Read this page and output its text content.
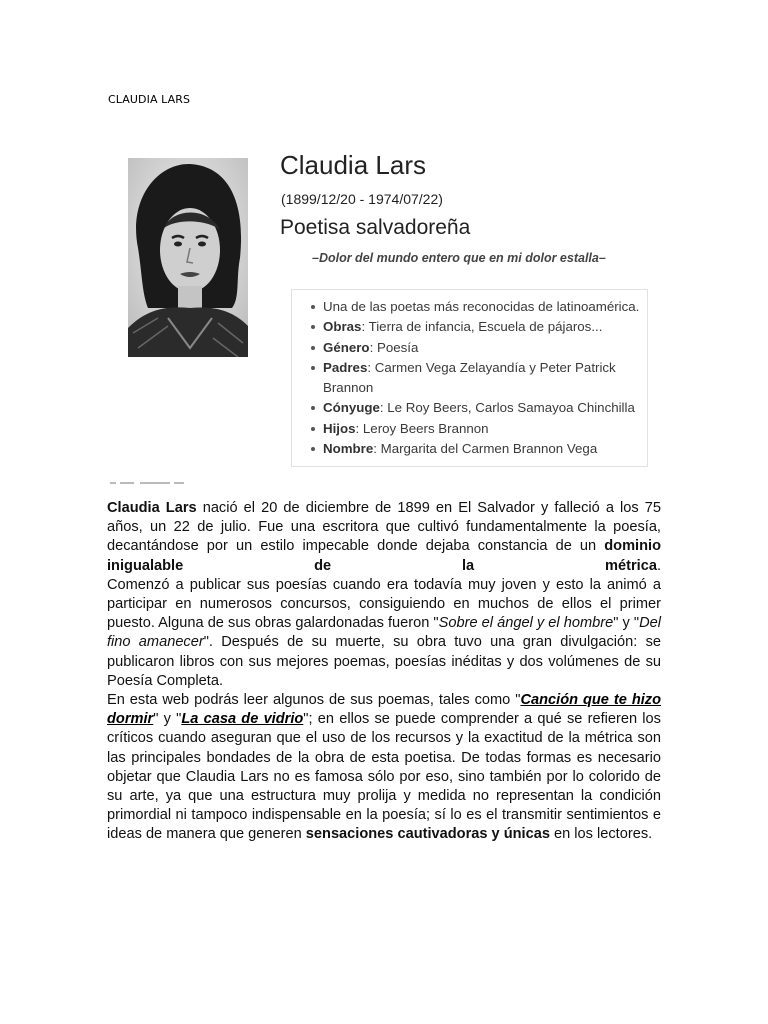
CLAUDIA LARS
Claudia Lars
(1899/12/20 - 1974/07/22)
Poetisa salvadoreña
–Dolor del mundo entero que en mi dolor estalla–
Una de las poetas más reconocidas de latinoamérica.
Obras: Tierra de infancia, Escuela de pájaros...
Género: Poesía
Padres: Carmen Vega Zelayandía y Peter Patrick Brannon
Cónyuge: Le Roy Beers, Carlos Samayoa Chinchilla
Hijos: Leroy Beers Brannon
Nombre: Margarita del Carmen Brannon Vega

Claudia Lars nació el 20 de diciembre de 1899 en El Salvador y falleció a los 75 años, un 22 de julio. Fue una escritora que cultivó fundamentalmente la poesía, decantándose por un estilo impecable donde dejaba constancia de un dominio inigualable de la métrica.

Comenzó a publicar sus poesías cuando era todavía muy joven y esto la animó a participar en numerosos concursos, consiguiendo en muchos de ellos el primer puesto. Alguna de sus obras galardonadas fueron "Sobre el ángel y el hombre" y "Del fino amanecer". Después de su muerte, su obra tuvo una gran divulgación: se publicaron libros con sus mejores poemas, poesías inéditas y dos volúmenes de su Poesía Completa.

En esta web podrás leer algunos de sus poemas, tales como "Canción que te hizo dormir" y "La casa de vidrio"; en ellos se puede comprender a qué se refieren los críticos cuando aseguran que el uso de los recursos y la exactitud de la métrica son las principales bondades de la obra de esta poetisa. De todas formas es necesario objetar que Claudia Lars no es famosa sólo por eso, sino también por lo colorido de su arte, ya que una estructura muy prolija y medida no representan la condición primordial ni tampoco indispensable en la poesía; sí lo es el transmitir sentimientos e ideas de manera que generen sensaciones cautivadoras y únicas en los lectores.
